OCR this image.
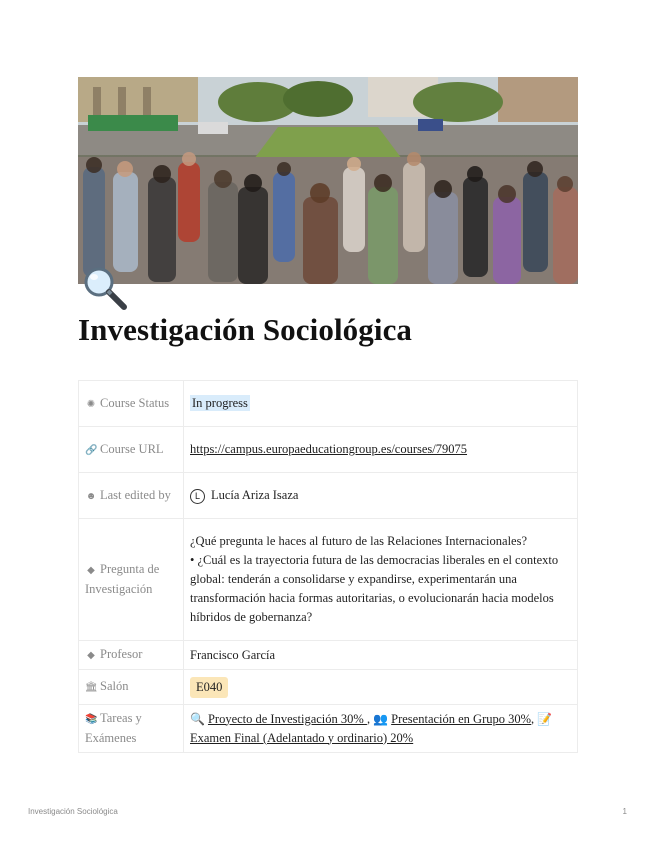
Investigación Sociológica
✺ Course Status	In progress
🔗 Course URL	https://campus.europaeducationgroup.es/courses/79075
☻ Last edited by	L Lucía Ariza Isaza
◆ Pregunta de Investigación	¿Qué pregunta le haces al futuro de las Relaciones Internacionales?
• ¿Cuál es la trayectoria futura de las democracias liberales en el contexto global: tenderán a consolidarse y expandirse, experimentarán una transformación hacia formas autoritarias, o evolucionarán hacia modelos híbridos de gobernanza?

◆ Profesor	Francisco García
🏛 Salón	E040
📚 Tareas y Exámenes	🔍 Proyecto de Investigación 30% , 👥 Presentación en Grupo 30%, 📝Examen Final (Adelantado y ordinario) 20%
Investigación Sociológica	1
